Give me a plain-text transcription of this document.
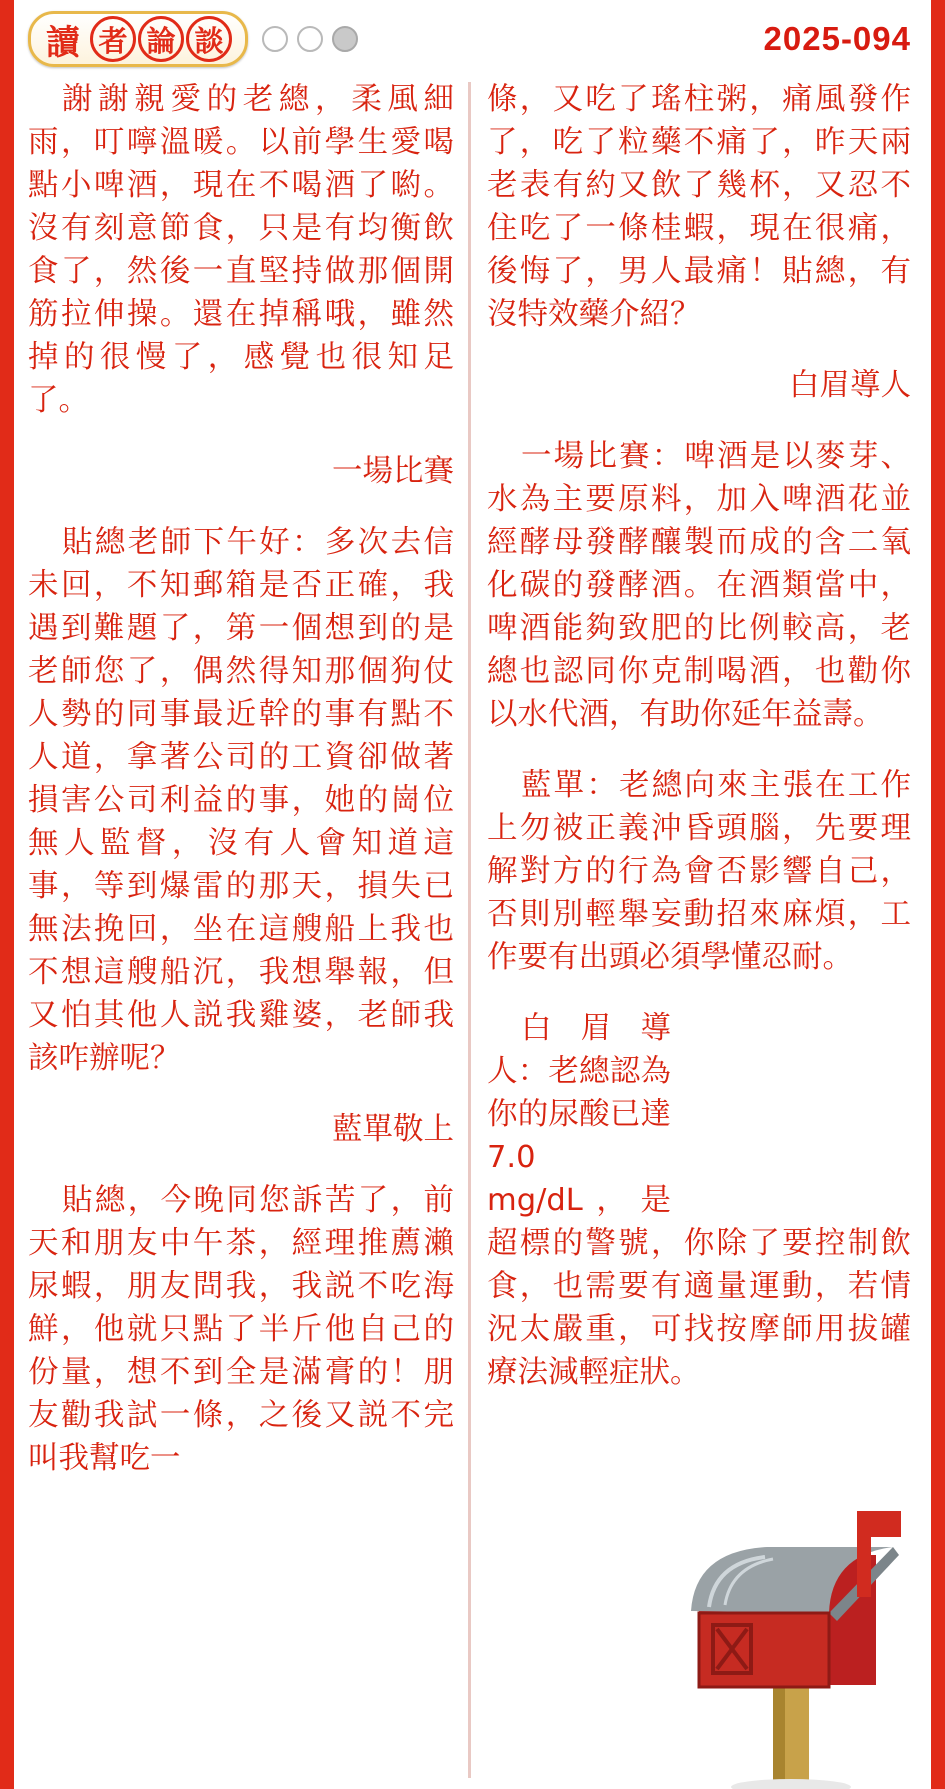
讀 者 論 談	2025-094

謝謝親愛的老總，柔風細雨，叮嚀溫暖。以前學生愛喝點小啤酒，現在不喝酒了喲。沒有刻意節食，只是有均衡飲食了，然後一直堅持做那個開筋拉伸操。還在掉稱哦，雖然掉的很慢了，感覺也很知足了。

一場比賽

貼總老師下午好：多次去信未回，不知郵箱是否正確，我遇到難題了，第一個想到的是老師您了，偶然得知那個狗仗人勢的同事最近幹的事有點不人道，拿著公司的工資卻做著損害公司利益的事，她的崗位無人監督，沒有人會知道這事，等到爆雷的那天，損失已無法挽回，坐在這艘船上我也不想這艘船沉，我想舉報，但又怕其他人説我雞婆，老師我該咋辦呢？

藍單敬上

貼總，今晚同您訴苦了，前天和朋友中午茶，經理推薦瀨尿蝦，朋友問我，我説不吃海鮮，他就只點了半斤他自己的份量，想不到全是滿膏的！朋友勸我試一條，之後又説不完叫我幫吃一

條，又吃了瑤柱粥，痛風發作了，吃了粒藥不痛了，昨天兩老表有約又飲了幾杯，又忍不住吃了一條桂蝦，現在很痛，後悔了，男人最痛！貼總，有沒特效藥介紹？

白眉導人

一場比賽：啤酒是以麥芽、水為主要原料，加入啤酒花並經酵母發酵釀製而成的含二氧化碳的發酵酒。在酒類當中，啤酒能夠致肥的比例較高，老總也認同你克制喝酒，也勸你以水代酒，有助你延年益壽。

藍單：老總向來主張在工作上勿被正義沖昏頭腦，先要理解對方的行為會否影響自己，否則別輕舉妄動招來麻煩，工作要有出頭必須學懂忍耐。

白眉導人：老總認為你的尿酸已達7.0 mg/dL，是超標的警號，你除了要控制飲食，也需要有適量運動，若情況太嚴重，可找按摩師用拔罐療法減輕症狀。
